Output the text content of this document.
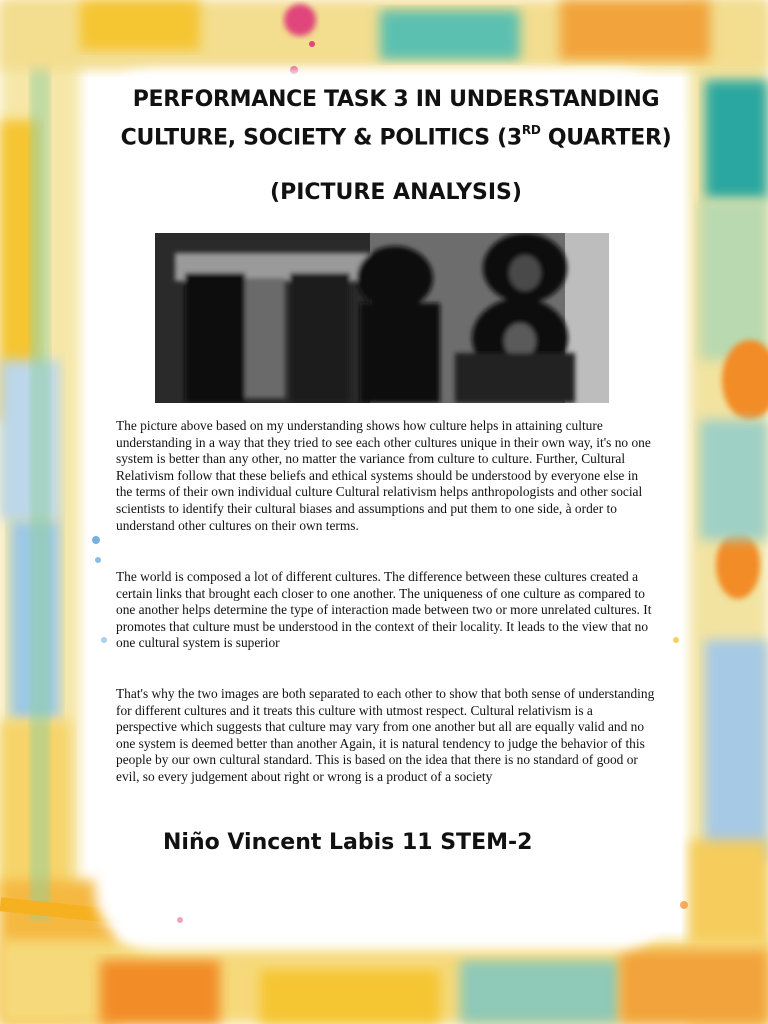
PERFORMANCE TASK 3 IN UNDERSTANDING
CULTURE, SOCIETY & POLITICS (3RD QUARTER)
(PICTURE ANALYSIS)
The picture above based on my understanding shows how culture helps in attaining culture understanding in a way that they tried to see each other cultures unique in their own way, it's no one system is better than any other, no matter the variance from culture to culture. Further, Cultural Relativism follow that these beliefs and ethical systems should be understood by everyone else in the terms of their own individual culture Cultural relativism helps anthropologists and other social scientists to identify their cultural biases and assumptions and put them to one side, à order to understand other cultures on their own terms.
The world is composed a lot of different cultures. The difference between these cultures created a certain links that brought each closer to one another. The uniqueness of one culture as compared to one another helps determine the type of interaction made between two or more unrelated cultures. It promotes that culture must be understood in the context of their locality. It leads to the view that no one cultural system is superior
That's why the two images are both separated to each other to show that both sense of understanding for different cultures and it treats this culture with utmost respect. Cultural relativism is a perspective which suggests that culture may vary from one another but all are equally valid and no one system is deemed better than another Again, it is natural tendency to judge the behavior of this people by our own cultural standard. This is based on the idea that there is no standard of good or evil, so every judgement about right or wrong is a product of a society
Niño Vincent Labis 11 STEM-2
